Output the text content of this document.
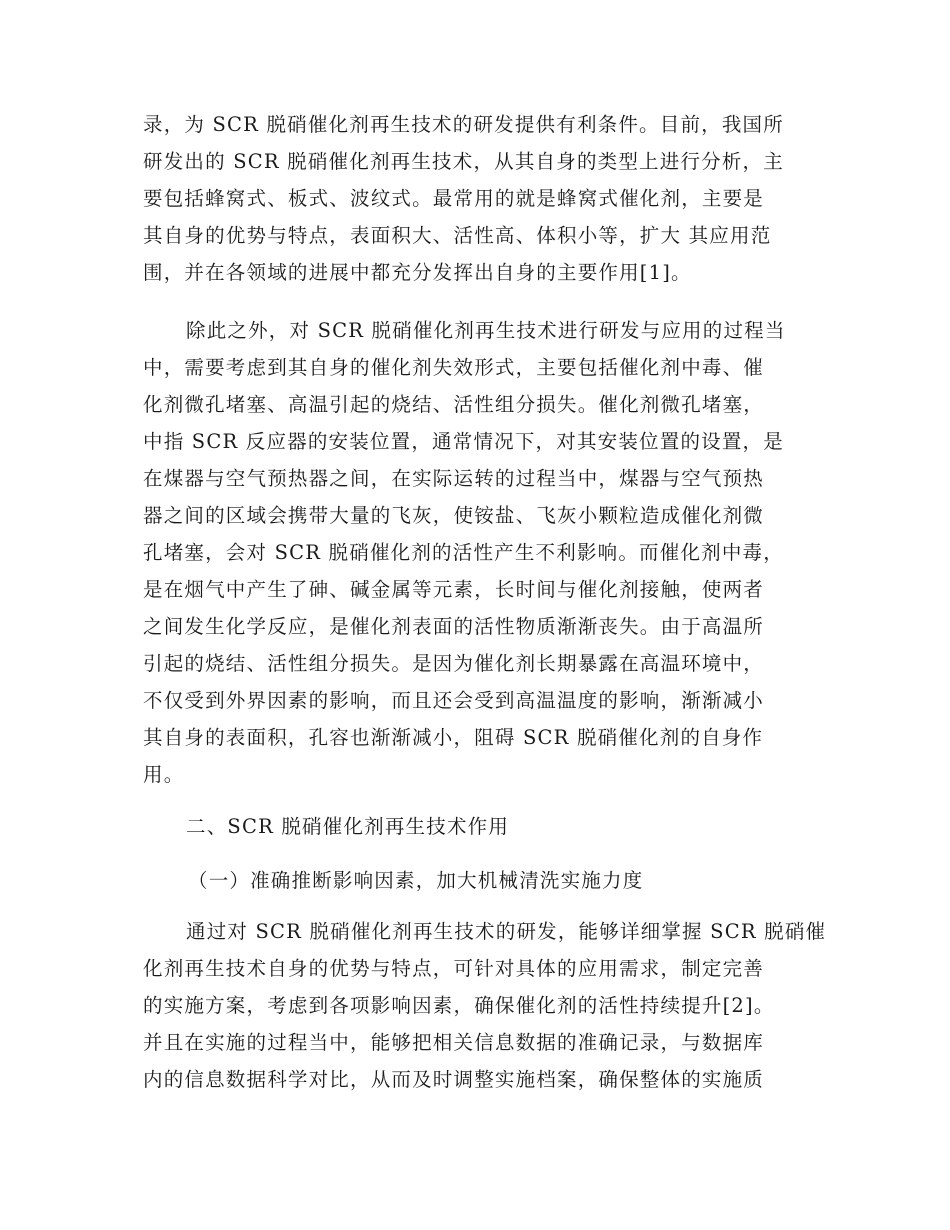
录，为 SCR 脱硝催化剂再生技术的研发提供有利条件。目前，我国所

研发出的 SCR 脱硝催化剂再生技术，从其自身的类型上进行分析，主

要包括蜂窝式、板式、波纹式。最常用的就是蜂窝式催化剂，主要是

其自身的优势与特点，表面积大、活性高、体积小等，扩大 其应用范

围，并在各领域的进展中都充分发挥出自身的主要作用[1]。

除此之外，对 SCR 脱硝催化剂再生技术进行研发与应用的过程当

中，需要考虑到其自身的催化剂失效形式，主要包括催化剂中毒、催

化剂微孔堵塞、高温引起的烧结、活性组分损失。催化剂微孔堵塞，

中指 SCR 反应器的安装位置，通常情况下，对其安装位置的设置，是

在煤器与空气预热器之间，在实际运转的过程当中，煤器与空气预热

器之间的区域会携带大量的飞灰，使铵盐、飞灰小颗粒造成催化剂微

孔堵塞，会对 SCR 脱硝催化剂的活性产生不利影响。而催化剂中毒，

是在烟气中产生了砷、碱金属等元素，长时间与催化剂接触，使两者

之间发生化学反应，是催化剂表面的活性物质渐渐丧失。由于高温所

引起的烧结、活性组分损失。是因为催化剂长期暴露在高温环境中，

不仅受到外界因素的影响，而且还会受到高温温度的影响，渐渐减小

其自身的表面积，孔容也渐渐减小，阻碍 SCR 脱硝催化剂的自身作

用。

二、SCR 脱硝催化剂再生技术作用
（一）准确推断影响因素，加大机械清洗实施力度

通过对 SCR 脱硝催化剂再生技术的研发，能够详细掌握 SCR 脱硝催

化剂再生技术自身的优势与特点，可针对具体的应用需求，制定完善

的实施方案，考虑到各项影响因素，确保催化剂的活性持续提升[2]。

并且在实施的过程当中，能够把相关信息数据的准确记录，与数据库

内的信息数据科学对比，从而及时调整实施档案，确保整体的实施质
